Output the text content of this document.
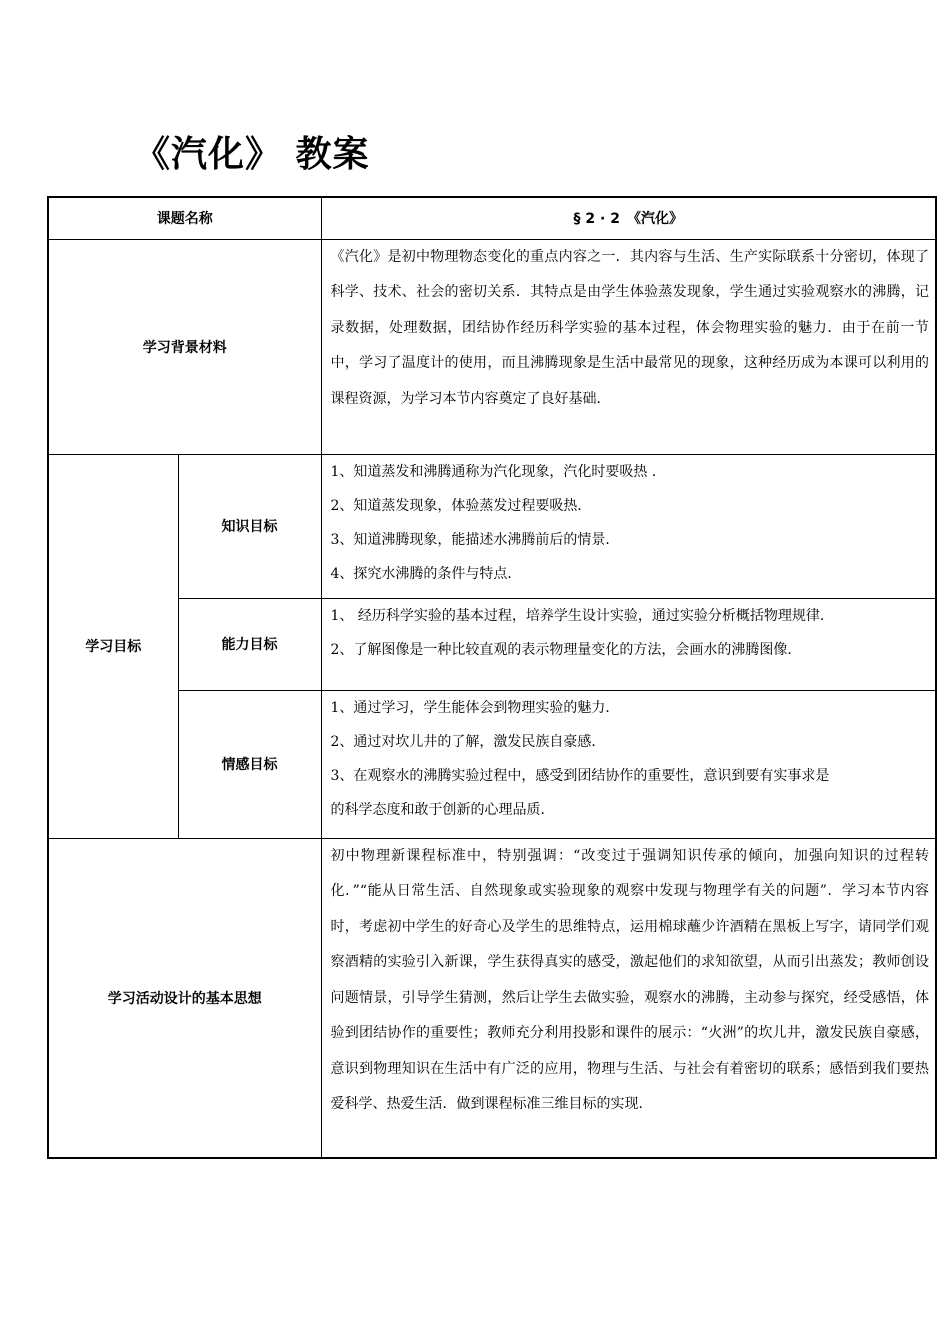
《汽化》 教案
课题名称		§ 2 · 2　《汽化》
学习背景材料		《汽化》是初中物理物态变化的重点内容之一．其内容与生活、生产实际联系十分密切，体现了科学、技术、社会的密切关系．其特点是由学生体验蒸发现象，学生通过实验观察水的沸腾，记录数据，处理数据，团结协作经历科学实验的基本过程，体会物理实验的魅力．由于在前一节中，学习了温度计的使用，而且沸腾现象是生活中最常见的现象，这种经历成为本课可以利用的课程资源，为学习本节内容奠定了良好基础．

学习目标	知识目标	1、知道蒸发和沸腾通称为汽化现象，汽化时要吸热 ．
2、知道蒸发现象，体验蒸发过程要吸热．
3、知道沸腾现象，能描述水沸腾前后的情景．
4、探究水沸腾的条件与特点．

	能力目标	1、 经历科学实验的基本过程，培养学生设计实验，通过实验分析概括物理规律．
2、了解图像是一种比较直观的表示物理量变化的方法，会画水的沸腾图像．

	情感目标	1、通过学习，学生能体会到物理实验的魅力．
2、通过对坎儿井的了解，激发民族自豪感．
3、在观察水的沸腾实验过程中，感受到团结协作的重要性，意识到要有实事求是
的科学态度和敢于创新的心理品质．

学习活动设计的基本思想		初中物理新课程标准中，特别强调：“改变过于强调知识传承的倾向，加强向知识的过程转化．”“能从日常生活、自然现象或实验现象的观察中发现与物理学有关的问题”．学习本节内容时，考虑初中学生的好奇心及学生的思维特点，运用棉球蘸少许酒精在黑板上写字，请同学们观察酒精的实验引入新课，学生获得真实的感受，激起他们的求知欲望，从而引出蒸发；教师创设问题情景，引导学生猜测，然后让学生去做实验，观察水的沸腾，主动参与探究，经受感悟，体验到团结协作的重要性；教师充分利用投影和课件的展示：“火洲”的坎儿井，激发民族自豪感，意识到物理知识在生活中有广泛的应用，物理与生活、与社会有着密切的联系；感悟到我们要热爱科学、热爱生活．做到课程标准三维目标的实现．
